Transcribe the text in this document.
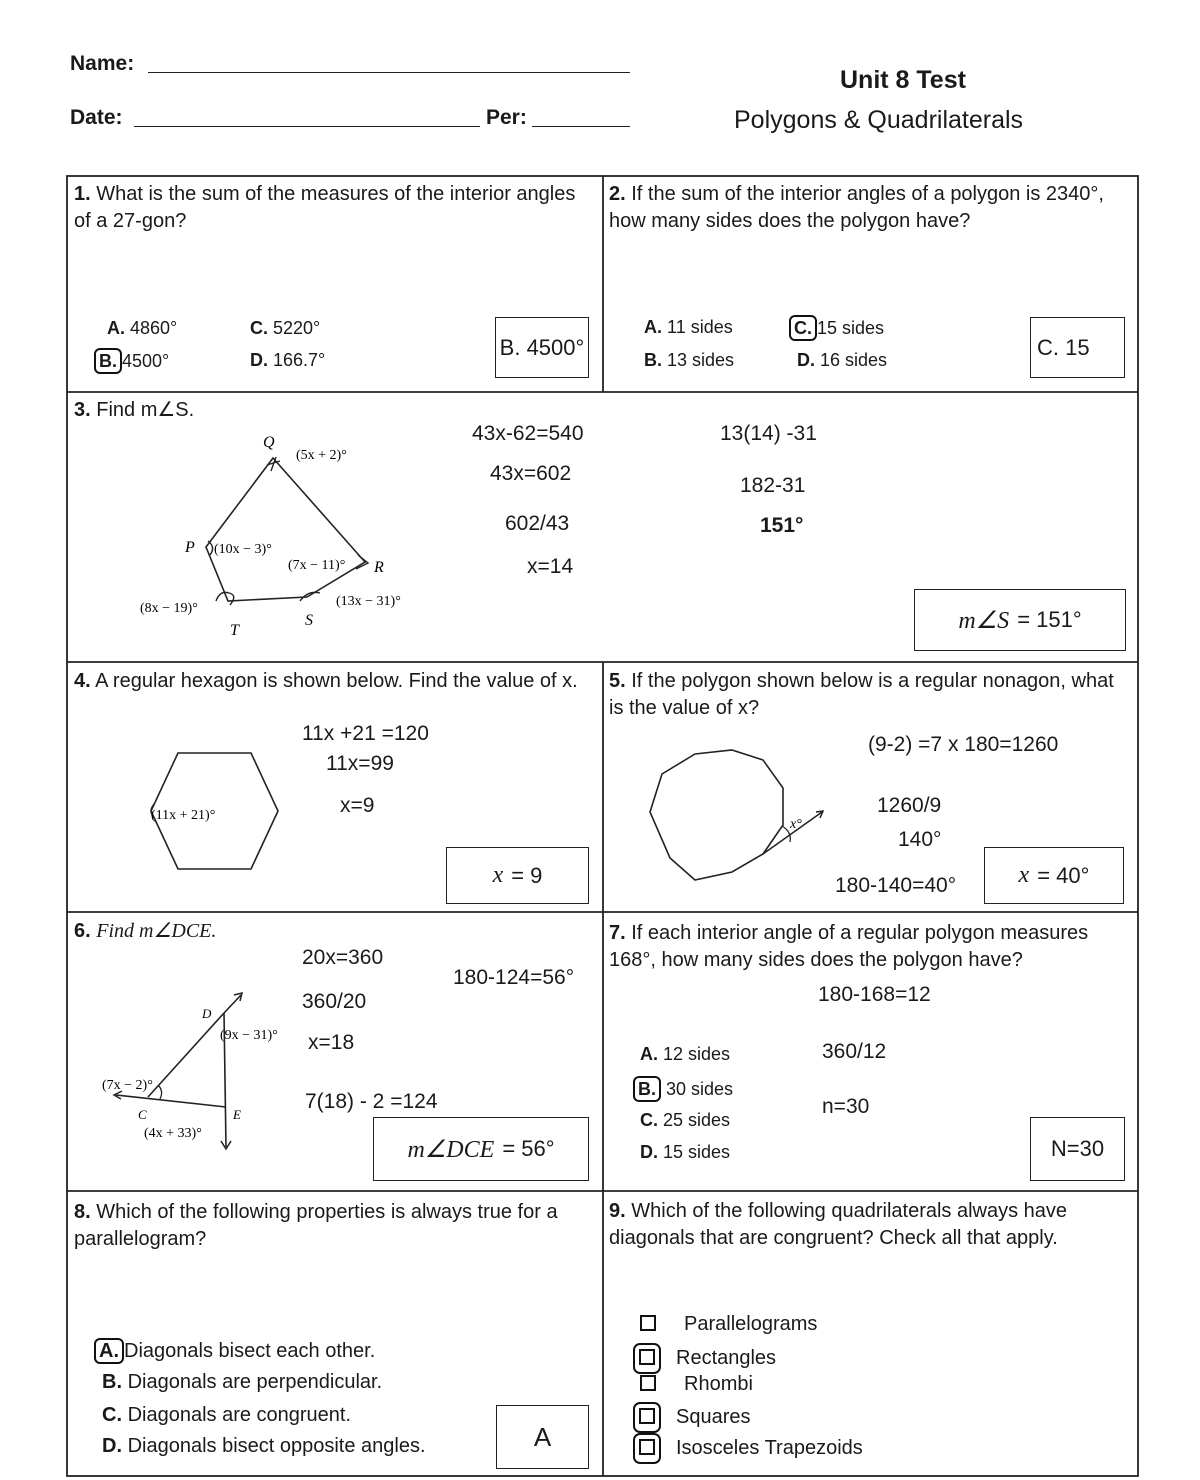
Name:
Date:	Per:
Unit 8 Test
Polygons & Quadrilaterals
1. What is the sum of the measures of the interior angles of a 27-gon?
A. 4860°
B. 4500°
C. 5220°
D. 166.7°
B. 4500°
2. If the sum of the interior angles of a polygon is 2340°, how many sides does the polygon have?
A. 11 sides
B. 13 sides
C. 15 sides
D. 16 sides
C. 15
3. Find m∠S.
Q
P
R
S
T
(5x + 2)°
(10x − 3)°
(7x − 11)°
(13x − 31)°
(8x − 19)°
43x-62=540
43x=602
602/43
x=14
13(14) -31
182-31
151°
m∠S = 151°
4. A regular hexagon is shown below. Find the value of x.
(11x + 21)°
11x +21 =120
11x=99
x=9
x = 9
5. If the polygon shown below is a regular nonagon, what is the value of x?
x°
(9-2) =7 x 180=1260
1260/9
140°
180-140=40°	x = 40°
6. Find m∠DCE.
D
C	E
(9x − 31)°
(7x − 2)°
(4x + 33)°
20x=360
360/20
x=18
7(18) - 2 =124
180-124=56°
m∠DCE = 56°
7. If each interior angle of a regular polygon measures 168°, how many sides does the polygon have?
A. 12 sides
B. 30 sides
C. 25 sides
D. 15 sides
180-168=12
360/12
n=30
N=30
8. Which of the following properties is always true for a parallelogram?
A. Diagonals bisect each other.
B. Diagonals are perpendicular.
C. Diagonals are congruent.
D. Diagonals bisect opposite angles.	A
9. Which of the following quadrilaterals always have diagonals that are congruent? Check all that apply.
Parallelograms
Rectangles
Rhombi
Squares
Isosceles Trapezoids
